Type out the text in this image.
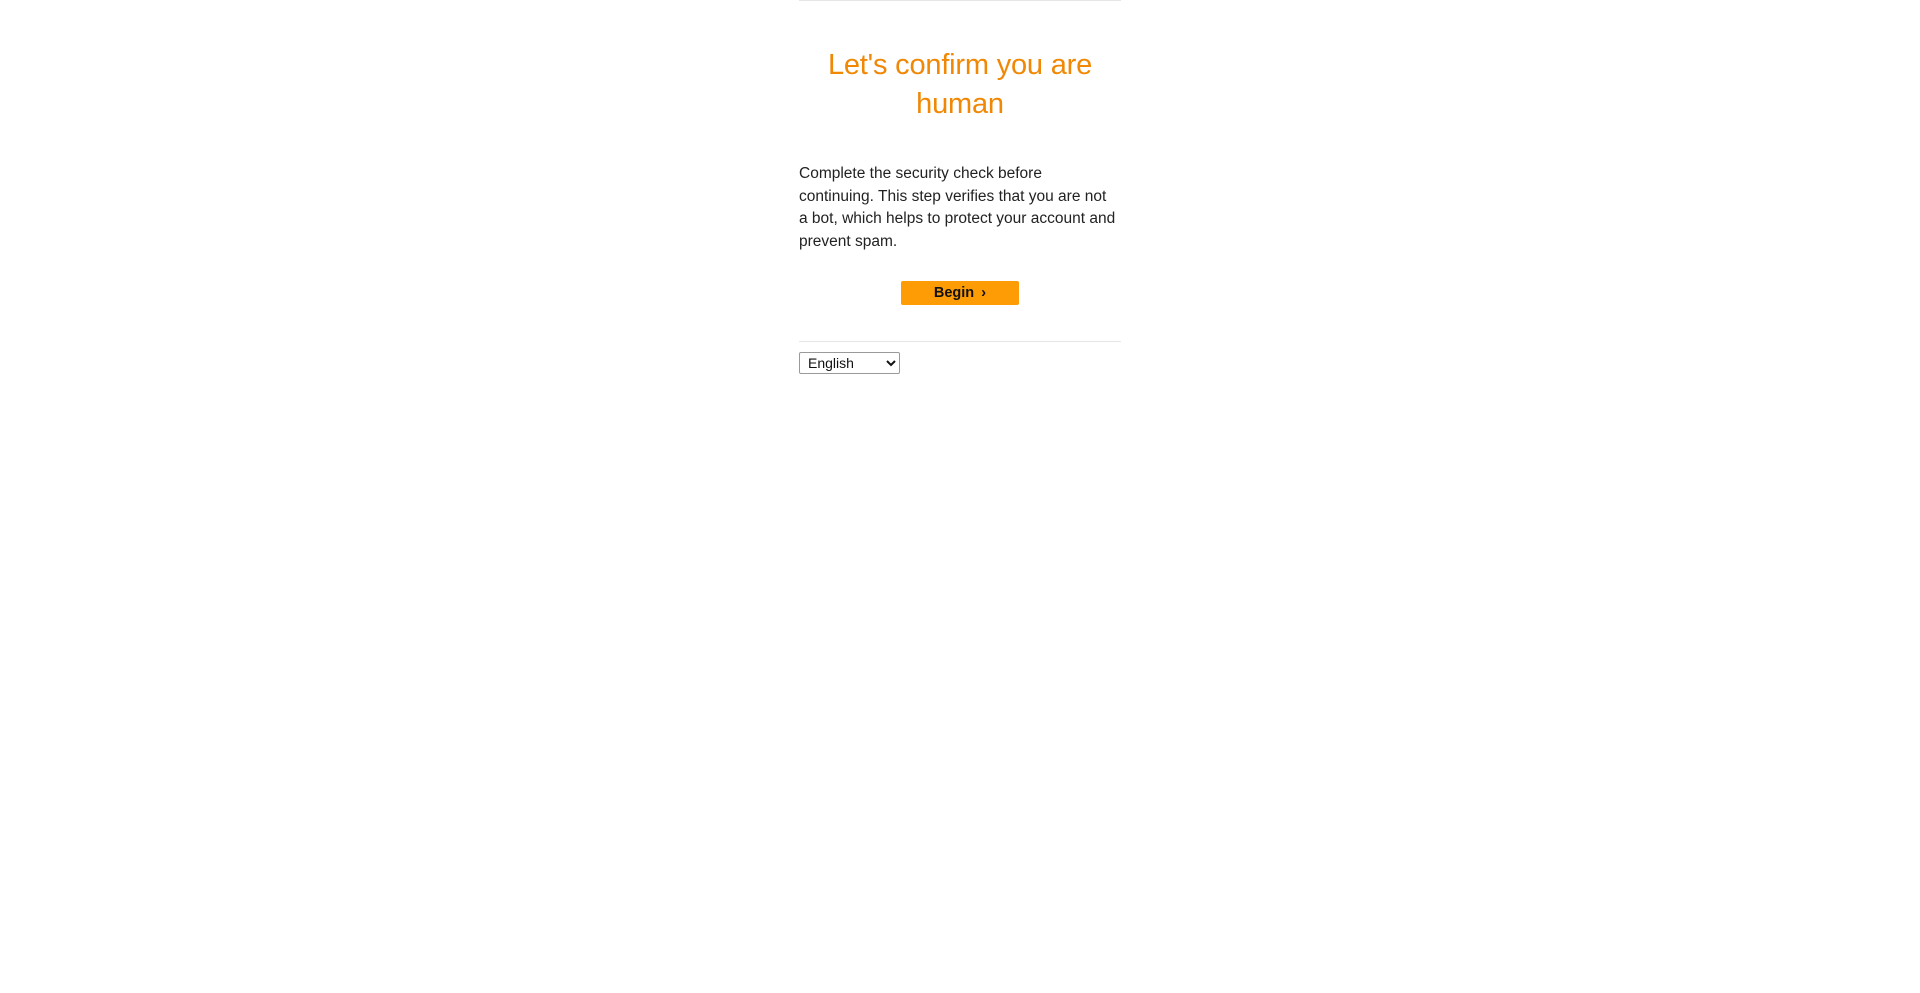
Let's confirm you are human

Complete the security check before continuing. This step verifies that you are not a bot, which helps to protect your account and prevent spam.

Begin ›
English
